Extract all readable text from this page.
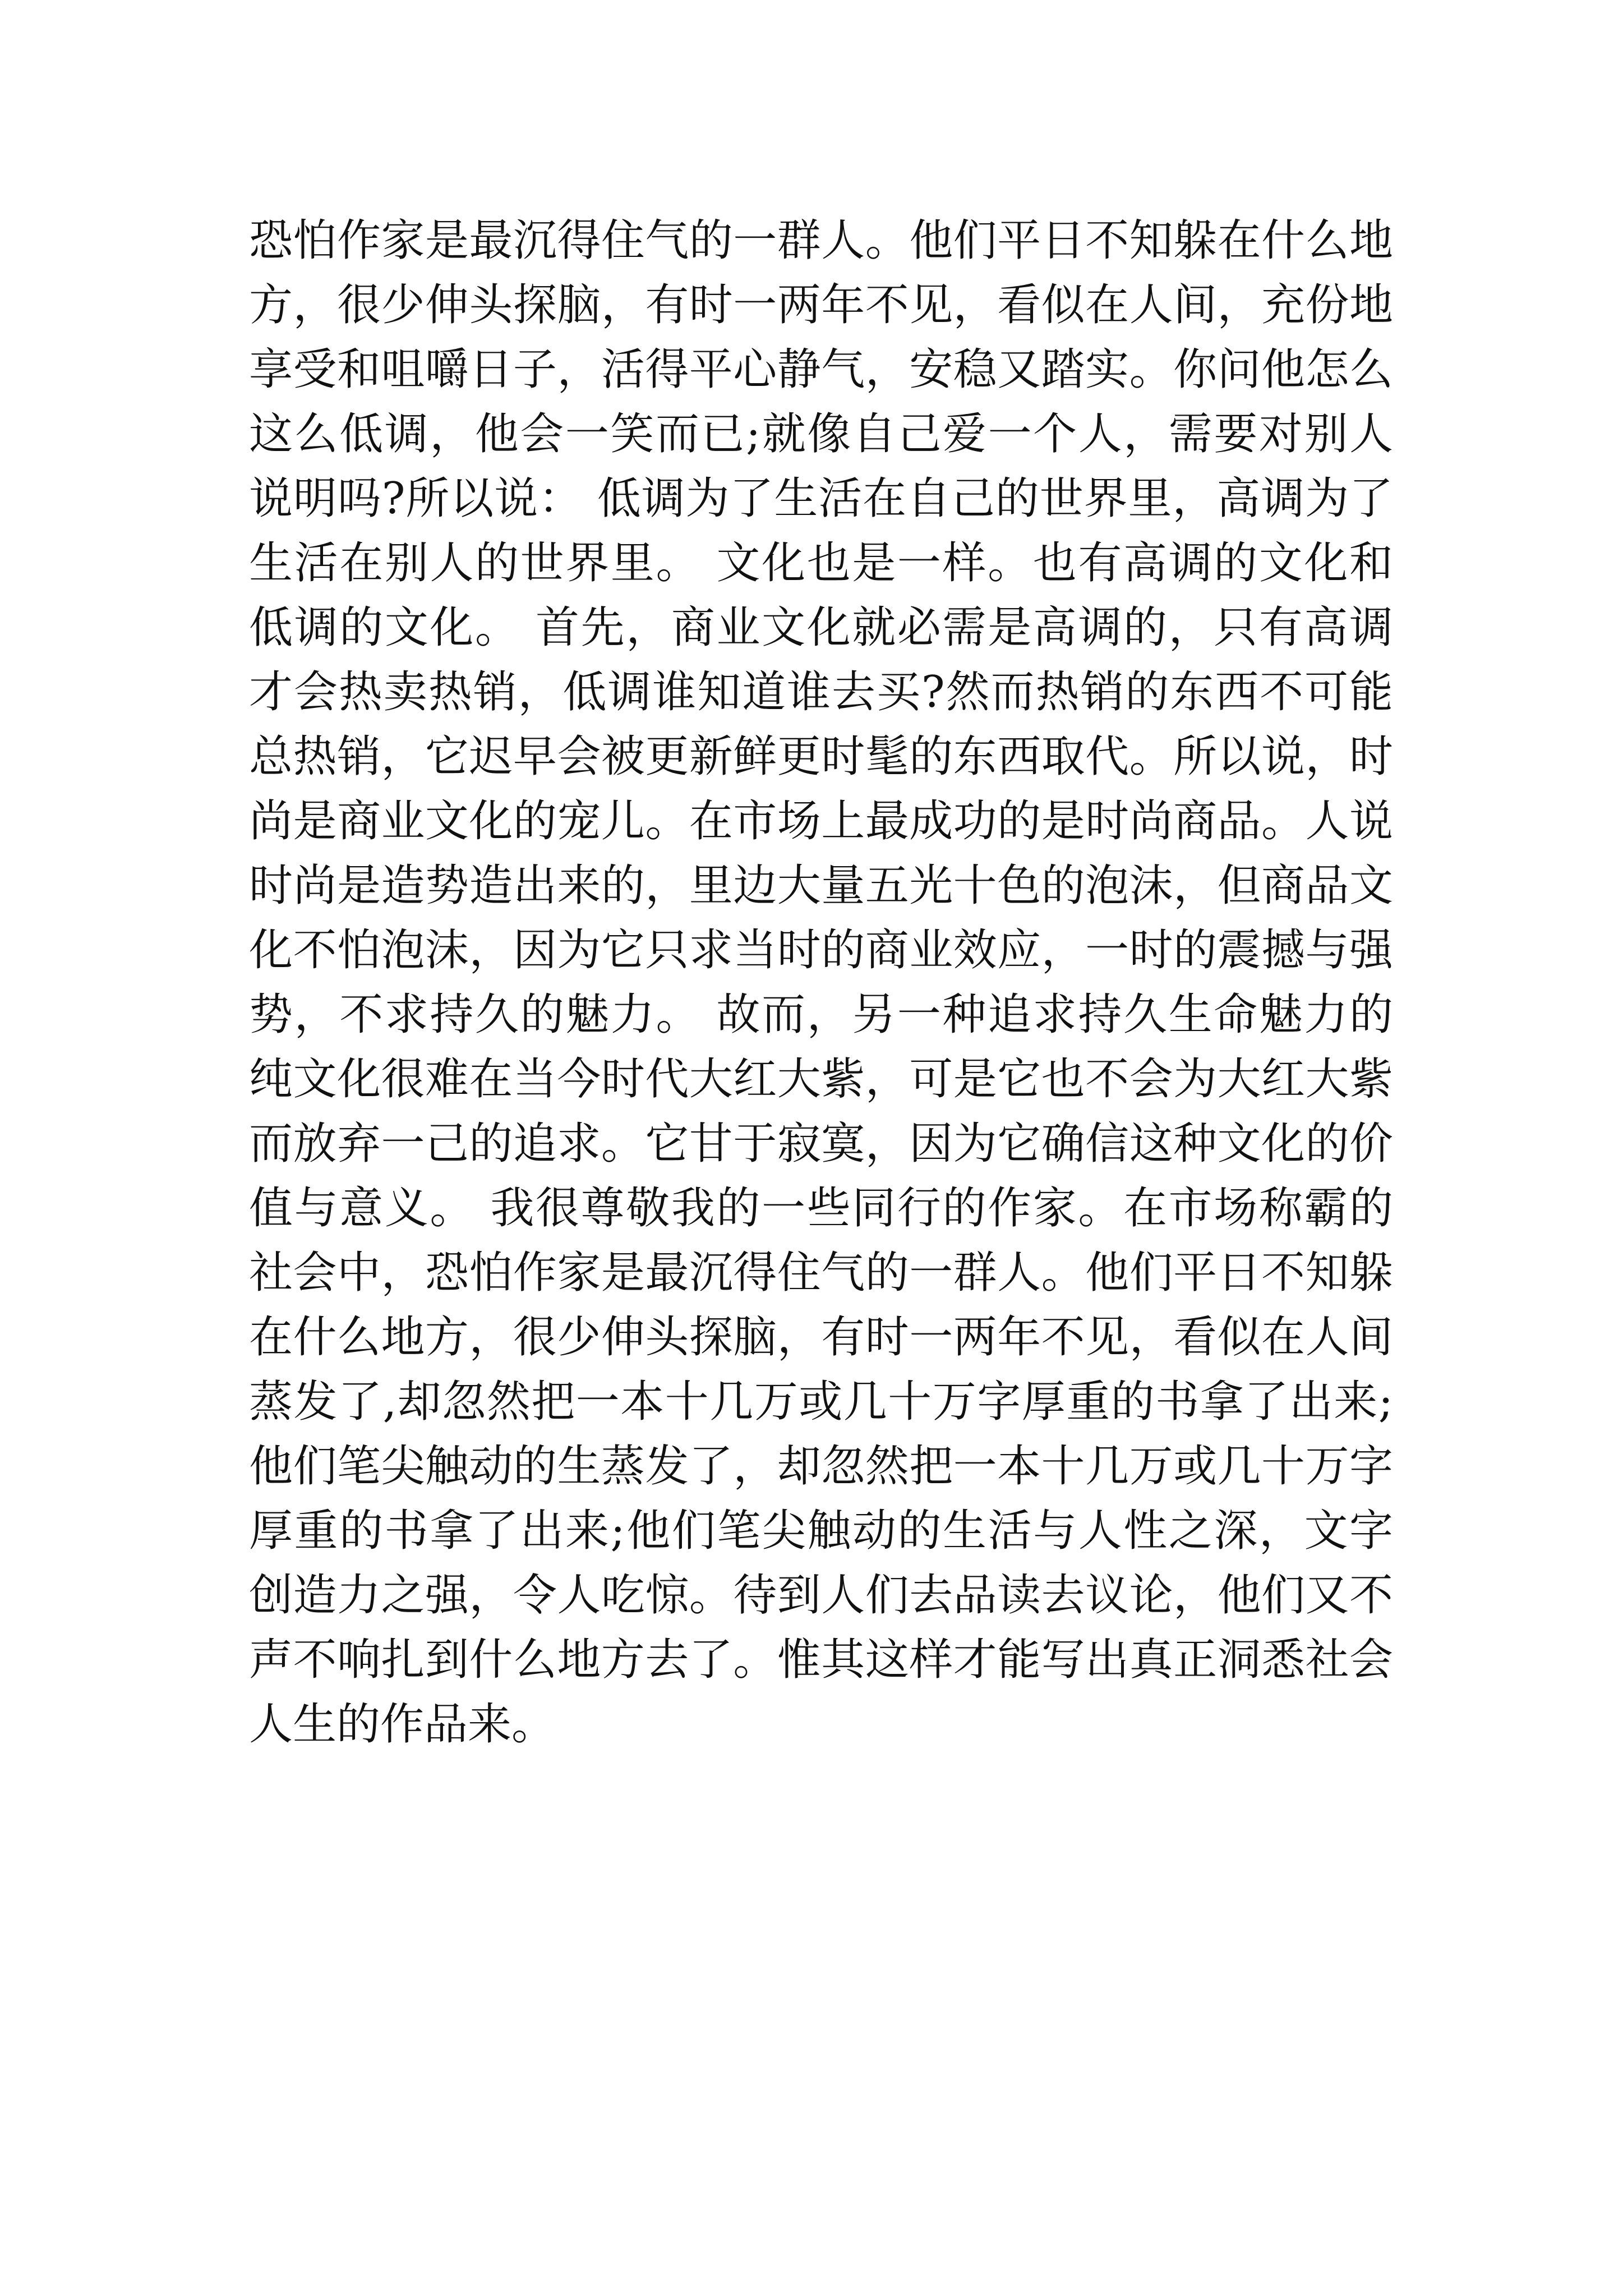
恐怕作家是最沉得住气的一群人。他们平日不知躲在什么地
方，很少伸头探脑，有时一两年不见，看似在人间，充份地
享受和咀嚼日子，活得平心静气，安稳又踏实。你问他怎么
这么低调，他会一笑而已;就像自己爱一个人，需要对别人
说明吗?所以说： 低调为了生活在自己的世界里，高调为了
生活在别人的世界里。 文化也是一样。也有高调的文化和
低调的文化。 首先，商业文化就必需是高调的，只有高调
才会热卖热销，低调谁知道谁去买?然而热销的东西不可能
总热销，它迟早会被更新鲜更时髦的东西取代。所以说，时
尚是商业文化的宠儿。在市场上最成功的是时尚商品。人说
时尚是造势造出来的，里边大量五光十色的泡沫，但商品文
化不怕泡沫，因为它只求当时的商业效应，一时的震撼与强
势，不求持久的魅力。 故而，另一种追求持久生命魅力的
纯文化很难在当今时代大红大紫，可是它也不会为大红大紫
而放弃一己的追求。它甘于寂寞，因为它确信这种文化的价
值与意义。 我很尊敬我的一些同行的作家。在市场称霸的
社会中，恐怕作家是最沉得住气的一群人。他们平日不知躲
在什么地方，很少伸头探脑，有时一两年不见，看似在人间
蒸发了,却忽然把一本十几万或几十万字厚重的书拿了出来;
他们笔尖触动的生蒸发了，却忽然把一本十几万或几十万字
厚重的书拿了出来;他们笔尖触动的生活与人性之深，文字
创造力之强，令人吃惊。待到人们去品读去议论，他们又不
声不响扎到什么地方去了。惟其这样才能写出真正洞悉社会
人生的作品来。
